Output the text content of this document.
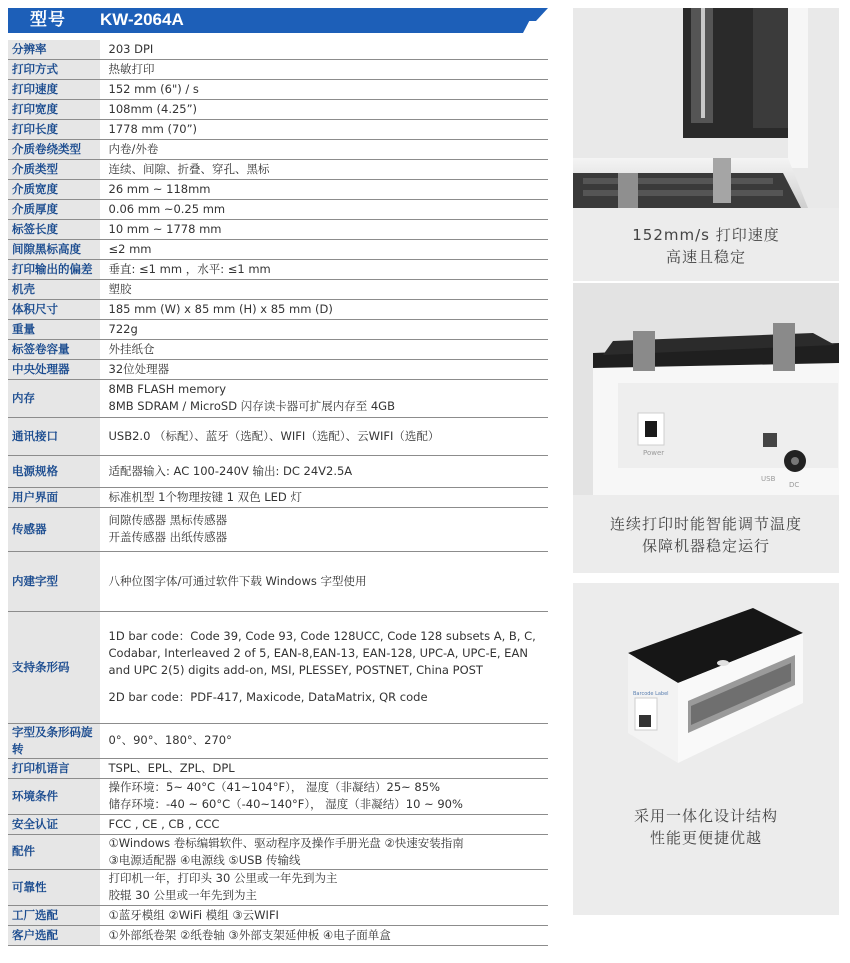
型号 KW-2064A
分辨率	203 DPI

打印方式	热敏打印

打印速度	152 mm (6") / s

打印宽度	108mm (4.25”)

打印长度	1778 mm (70”)

介质卷绕类型	内卷/外卷

介质类型	连续、间隙、折叠、穿孔、黑标

介质宽度	26 mm ~ 118mm

介质厚度	0.06 mm ~0.25 mm

标签长度	10 mm ~ 1778 mm

间隙黑标高度	≤2 mm

打印输出的偏差	垂直: ≤1 mm ，水平: ≤1 mm

机壳	塑胶

体积尺寸	185 mm (W) x 85 mm (H) x 85 mm (D)

重量	722g

标签卷容量	外挂纸仓

中央处理器	32位处理器

内存	8MB FLASH memory
8MB SDRAM / MicroSD 闪存读卡器可扩展内存至 4GB

通讯接口	USB2.0 （标配）、蓝牙（选配）、WIFI（选配）、云WIFI（选配）

电源规格	适配器输入: AC 100-240V 输出: DC 24V2.5A

用户界面	标准机型 1个物理按键 1 双色 LED 灯

传感器	间隙传感器 黑标传感器
开盖传感器 出纸传感器

内建字型	八种位图字体/可通过软件下载 Windows 字型使用

支持条形码	1D bar code：Code 39, Code 93, Code 128UCC, Code 128 subsets A, B, C,
Codabar, Interleaved 2 of 5, EAN-8,EAN-13, EAN-128, UPC-A, UPC-E, EAN
and UPC 2(5) digits add-on, MSI, PLESSEY, POSTNET, China POST
2D bar code：PDF-417, Maxicode, DataMatrix, QR code

字型及条形码旋转	0°、90°、180°、270°

打印机语言	TSPL、EPL、ZPL、DPL

环境条件	操作环境：5~ 40°C（41~104°F）， 湿度（非凝结）25~ 85%
储存环境：-40 ~ 60°C（-40~140°F）， 湿度（非凝结）10 ~ 90%

安全认证	FCC , CE , CB , CCC

配件	①Windows 卷标编辑软件、驱动程序及操作手册光盘 ②快速安装指南
③电源适配器 ④电源线 ⑤USB 传输线

可靠性	打印机一年，打印头 30 公里或一年先到为主
胶辊 30 公里或一年先到为主

工厂选配	①蓝牙模组 ②WiFi 模组 ③云WIFI

客户选配	①外部纸卷架 ②纸卷轴 ③外部支架延伸板 ④电子面单盒
152mm/s 打印速度
高速且稳定
Power
USB
DC
连续打印时能智能调节温度
保障机器稳定运行
Barcode Label
采用一体化设计结构
性能更便捷优越
